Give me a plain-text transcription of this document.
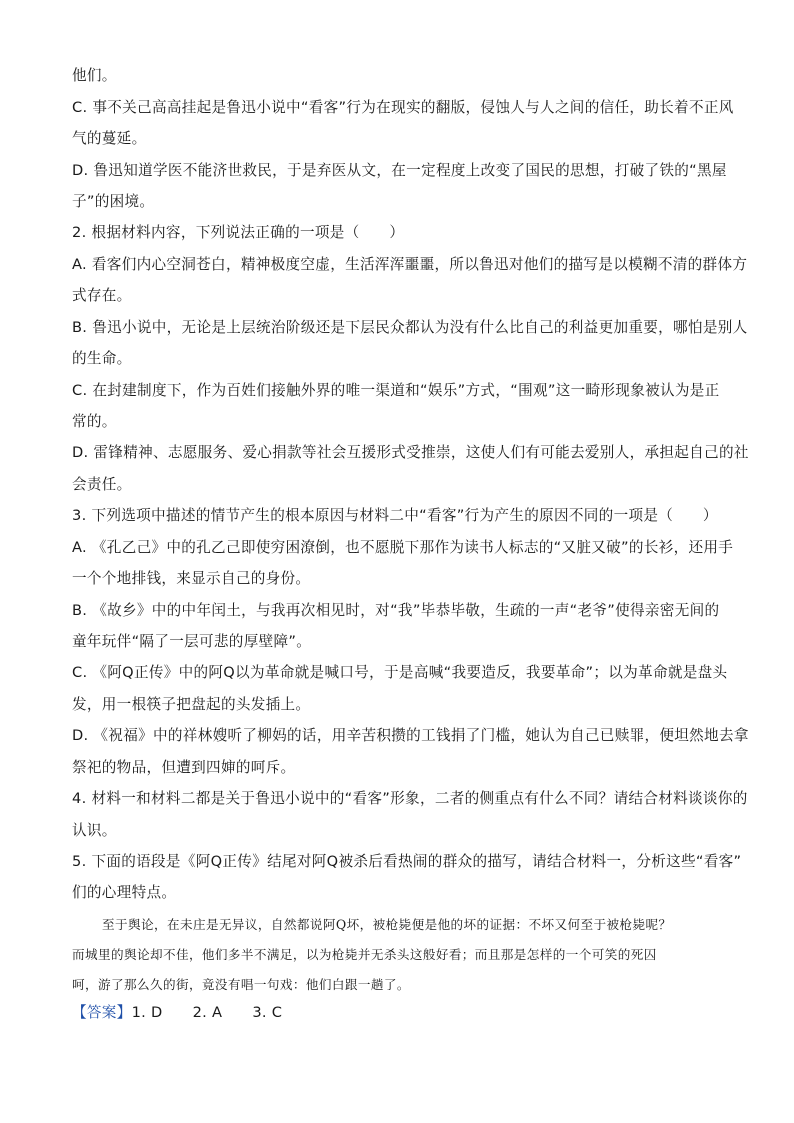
他们。
C. 事不关己高高挂起是鲁迅小说中“看客”行为在现实的翻版，侵蚀人与人之间的信任，助长着不正风
气的蔓延。
D. 鲁迅知道学医不能济世救民，于是弃医从文，在一定程度上改变了国民的思想，打破了铁的“黑屋
子”的困境。
2. 根据材料内容，下列说法正确的一项是（　　）
A. 看客们内心空洞苍白，精神极度空虚，生活浑浑噩噩，所以鲁迅对他们的描写是以模糊不清的群体方
式存在。
B. 鲁迅小说中，无论是上层统治阶级还是下层民众都认为没有什么比自己的利益更加重要，哪怕是别人
的生命。
C. 在封建制度下，作为百姓们接触外界的唯一渠道和“娱乐”方式，“围观”这一畸形现象被认为是正
常的。
D. 雷锋精神、志愿服务、爱心捐款等社会互援形式受推崇，这使人们有可能去爱别人，承担起自己的社
会责任。
3. 下列选项中描述的情节产生的根本原因与材料二中“看客”行为产生的原因不同的一项是（　　）
A. 《孔乙己》中的孔乙己即使穷困潦倒，也不愿脱下那作为读书人标志的“又脏又破”的长衫，还用手
一个个地排钱，来显示自己的身份。
B. 《故乡》中的中年闰土，与我再次相见时，对“我”毕恭毕敬，生疏的一声“老爷”使得亲密无间的
童年玩伴“隔了一层可悲的厚壁障”。
C. 《阿Q正传》中的阿Q以为革命就是喊口号，于是高喊“我要造反，我要革命”；以为革命就是盘头
发，用一根筷子把盘起的头发插上。
D. 《祝福》中的祥林嫂听了柳妈的话，用辛苦积攒的工钱捐了门槛，她认为自己已赎罪，便坦然地去拿
祭祀的物品，但遭到四婶的呵斥。
4. 材料一和材料二都是关于鲁迅小说中的“看客”形象，二者的侧重点有什么不同？请结合材料谈谈你的
认识。
5. 下面的语段是《阿Q正传》结尾对阿Q被杀后看热闹的群众的描写，请结合材料一，分析这些“看客”
们的心理特点。
至于舆论，在未庄是无异议，自然都说阿Q坏，被枪毙便是他的坏的证据：不坏又何至于被枪毙呢？
而城里的舆论却不佳，他们多半不满足，以为枪毙并无杀头这般好看；而且那是怎样的一个可笑的死囚
呵，游了那么久的街，竟没有唱一句戏：他们白跟一趟了。
【答案】1. D 2. A 3. C
